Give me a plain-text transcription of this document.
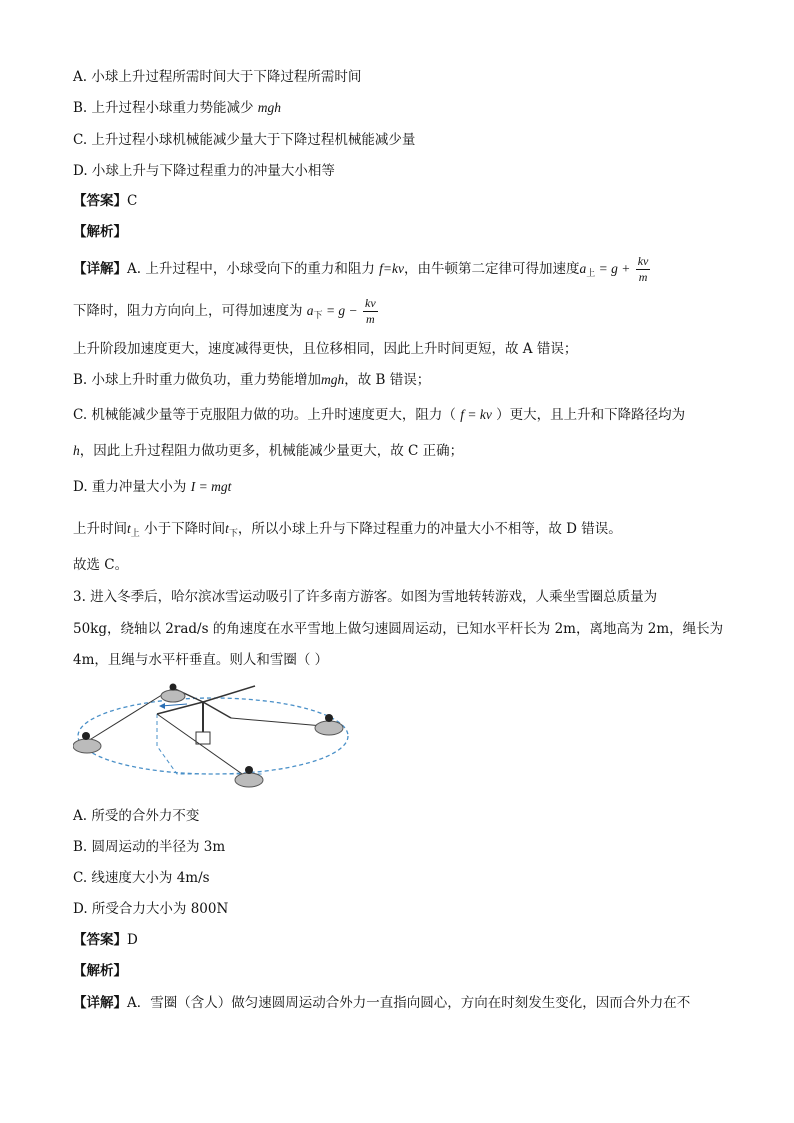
A. 小球上升过程所需时间大于下降过程所需时间
B. 上升过程小球重力势能减少 mgh
C. 上升过程小球机械能减少量大于下降过程机械能减少量
D. 小球上升与下降过程重力的冲量大小相等
【答案】C
【解析】
【详解】A. 上升过程中，小球受向下的重力和阻力 f=kv，由牛顿第二定律可得加速度$a_上 = g + \frac{kv}{m}$
下降时，阻力方向向上，可得加速度为 $a_下 = g - \frac{kv}{m}$
上升阶段加速度更大，速度减得更快，且位移相同，因此上升时间更短，故 A 错误；
B. 小球上升时重力做负功，重力势能增加mgh，故 B 错误；
C. 机械能减少量等于克服阻力做的功。上升时速度更大，阻力（ f = kv ）更大，且上升和下降路径均为
h，因此上升过程阻力做功更多，机械能减少量更大，故 C 正确；
D. 重力冲量大小为 I = mgt
上升时间$t_上$ 小于下降时间$t_下$，所以小球上升与下降过程重力的冲量大小不相等，故 D 错误。
故选 C。
3. 进入冬季后，哈尔滨冰雪运动吸引了许多南方游客。如图为雪地转转游戏，人乘坐雪圈总质量为
50kg，绕轴以 2rad/s 的角速度在水平雪地上做匀速圆周运动，已知水平杆长为 2m，离地高为 2m，绳长为
4m，且绳与水平杆垂直。则人和雪圈（ ）
A. 所受的合外力不变
B. 圆周运动的半径为 3m
C. 线速度大小为 4m/s
D. 所受合力大小为 800N
【答案】D
【解析】
【详解】A．雪圈（含人）做匀速圆周运动合外力一直指向圆心，方向在时刻发生变化，因而合外力在不
